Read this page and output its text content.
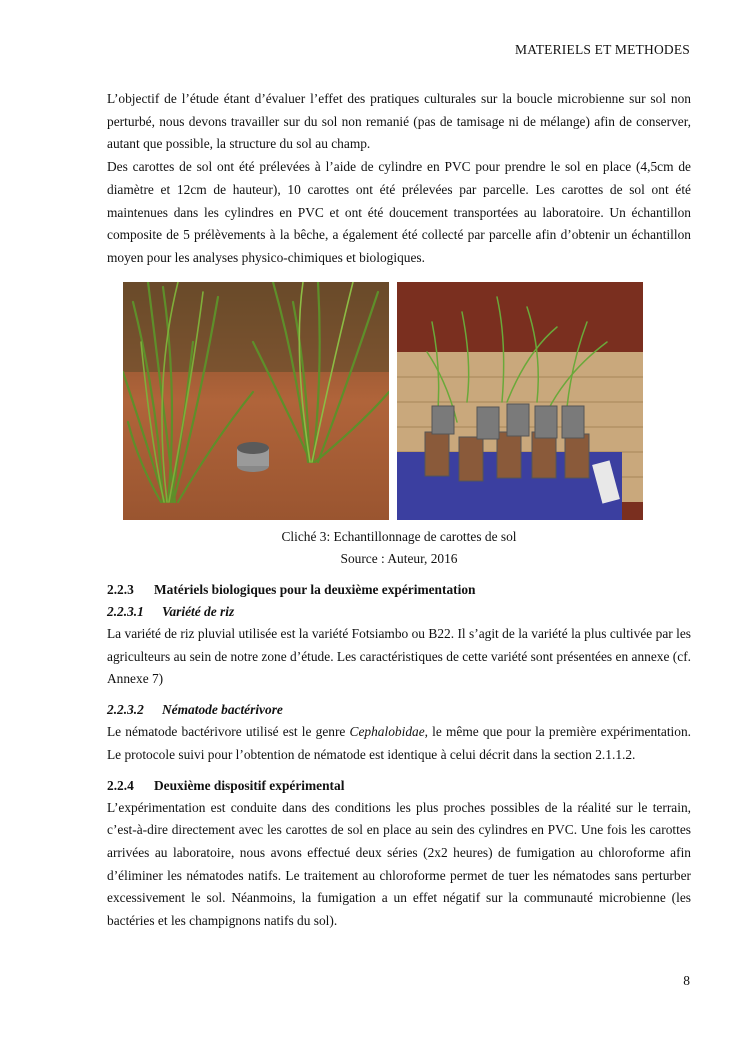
MATERIELS ET METHODES

L’objectif de l’étude étant d’évaluer l’effet des pratiques culturales sur la boucle microbienne sur sol non perturbé, nous devons travailler sur du sol non remanié (pas de tamisage ni de mélange) afin de conserver, autant que possible, la structure du sol au champ.

Des carottes de sol ont été prélevées à l’aide de cylindre en PVC pour prendre le sol en place (4,5cm de diamètre et 12cm de hauteur), 10 carottes ont été prélevées par parcelle. Les carottes de sol ont été maintenues dans les cylindres en PVC et ont été doucement transportées au laboratoire. Un échantillon composite de 5 prélèvements à la bêche, a également été collecté par parcelle afin d’obtenir un échantillon moyen pour les analyses physico-chimiques et biologiques.

Cliché 3: Echantillonnage de carottes de sol
Source : Auteur, 2016
2.2.3 Matériels biologiques pour la deuxième expérimentation
2.2.3.1 Variété de riz

La variété de riz pluvial utilisée est la variété Fotsiambo ou B22. Il s’agit de la variété la plus cultivée par les agriculteurs au sein de notre zone d’étude. Les caractéristiques de cette variété sont présentées en annexe (cf. Annexe 7)

2.2.3.2 Nématode bactérivore

Le nématode bactérivore utilisé est le genre Cephalobidae, le même que pour la première expérimentation. Le protocole suivi pour l’obtention de nématode est identique à celui décrit dans la section 2.1.1.2.

2.2.4 Deuxième dispositif expérimental

L’expérimentation est conduite dans des conditions les plus proches possibles de la réalité sur le terrain, c’est-à-dire directement avec les carottes de sol en place au sein des cylindres en PVC. Une fois les carottes arrivées au laboratoire, nous avons effectué deux séries (2x2 heures) de fumigation au chloroforme afin d’éliminer les nématodes natifs. Le traitement au chloroforme permet de tuer les nématodes sans perturber excessivement le sol. Néanmoins, la fumigation a un effet négatif sur la communauté microbienne (les bactéries et les champignons natifs du sol).

8
